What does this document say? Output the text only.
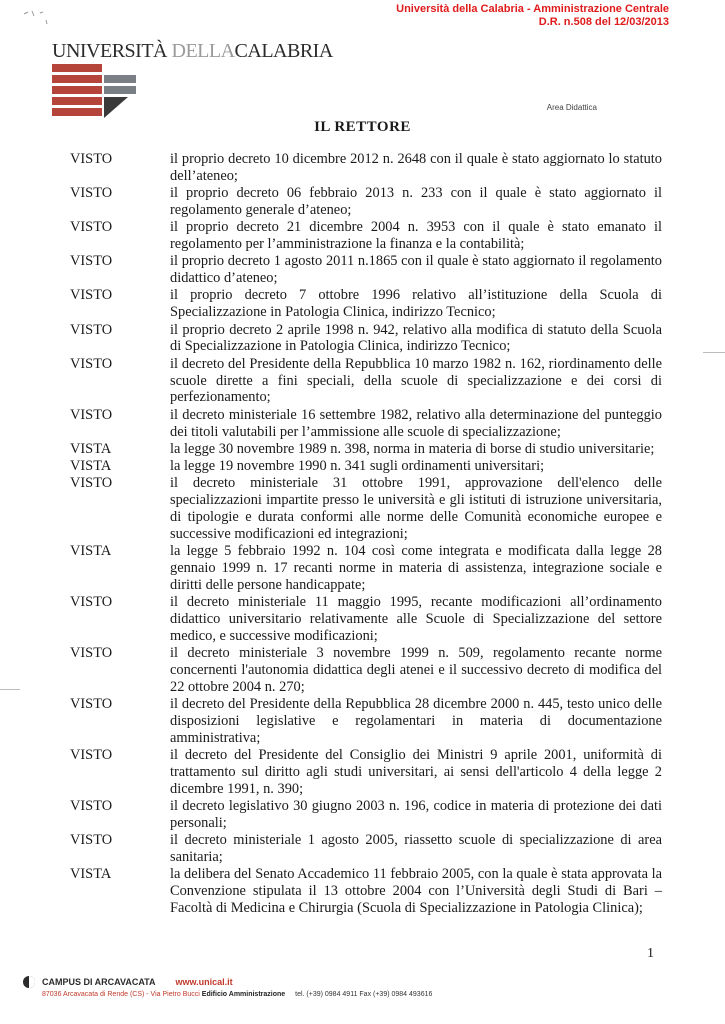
Università della Calabria - Amministrazione Centrale
D.R. n.508 del 12/03/2013
UNIVERSITÀ DELLACALABRIA
Area Didattica
IL RETTORE
VISTO	il proprio decreto 10 dicembre 2012 n. 2648 con il quale è stato aggiornato lo statuto dell’ateneo;
VISTO	il proprio decreto 06 febbraio 2013 n. 233 con il quale è stato aggiornato il regolamento generale d’ateneo;
VISTO	il proprio decreto 21 dicembre 2004 n. 3953 con il quale è stato emanato il regolamento per l’amministrazione la finanza e la contabilità;
VISTO	il proprio decreto 1 agosto 2011 n.1865 con il quale è stato aggiornato il regolamento didattico d’ateneo;
VISTO	il proprio decreto 7 ottobre 1996 relativo all’istituzione della Scuola di Specializzazione in Patologia Clinica, indirizzo Tecnico;
VISTO	il proprio decreto 2 aprile 1998 n. 942, relativo alla modifica di statuto della Scuola di Specializzazione in Patologia Clinica, indirizzo Tecnico;
VISTO	il decreto del Presidente della Repubblica 10 marzo 1982 n. 162, riordinamento delle scuole dirette a fini speciali, della scuole di specializzazione e dei corsi di perfezionamento;
VISTO	il decreto ministeriale 16 settembre 1982, relativo alla determinazione del punteggio dei titoli valutabili per l’ammissione alle scuole di specializzazione;
VISTA	la legge 30 novembre 1989 n. 398, norma in materia di borse di studio universitarie;
VISTA	la legge 19 novembre 1990 n. 341 sugli ordinamenti universitari;
VISTO	il decreto ministeriale 31 ottobre 1991, approvazione dell'elenco delle specializzazioni impartite presso le università e gli istituti di istruzione universitaria, di tipologie e durata conformi alle norme delle Comunità economiche europee e successive modificazioni ed integrazioni;
VISTA	la legge 5 febbraio 1992 n. 104 così come integrata e modificata dalla legge 28 gennaio 1999 n. 17 recanti norme in materia di assistenza, integrazione sociale e diritti delle persone handicappate;
VISTO	il decreto ministeriale 11 maggio 1995, recante modificazioni all’ordinamento didattico universitario relativamente alle Scuole di Specializzazione del settore medico, e successive modificazioni;
VISTO	il decreto ministeriale 3 novembre 1999 n. 509, regolamento recante norme concernenti l'autonomia didattica degli atenei e il successivo decreto di modifica del 22 ottobre 2004 n. 270;
VISTO	il decreto del Presidente della Repubblica 28 dicembre 2000 n. 445, testo unico delle disposizioni legislative e regolamentari in materia di documentazione amministrativa;
VISTO	il decreto del Presidente del Consiglio dei Ministri 9 aprile 2001, uniformità di trattamento sul diritto agli studi universitari, ai sensi dell'articolo 4 della legge 2 dicembre 1991, n. 390;
VISTO	il decreto legislativo 30 giugno 2003 n. 196, codice in materia di protezione dei dati personali;
VISTO	il decreto ministeriale 1 agosto 2005, riassetto scuole di specializzazione di area sanitaria;
VISTA	la delibera del Senato Accademico 11 febbraio 2005, con la quale è stata approvata la Convenzione stipulata il 13 ottobre 2004 con l’Università degli Studi di Bari – Facoltà di Medicina e Chirurgia (Scuola di Specializzazione in Patologia Clinica);
1
CAMPUS DI ARCAVACATA www.unical.it
87036 Arcavacata di Rende (CS) - Via Pietro Bucci Edificio Amministrazione tel. (+39) 0984 4911 Fax (+39) 0984 493616
